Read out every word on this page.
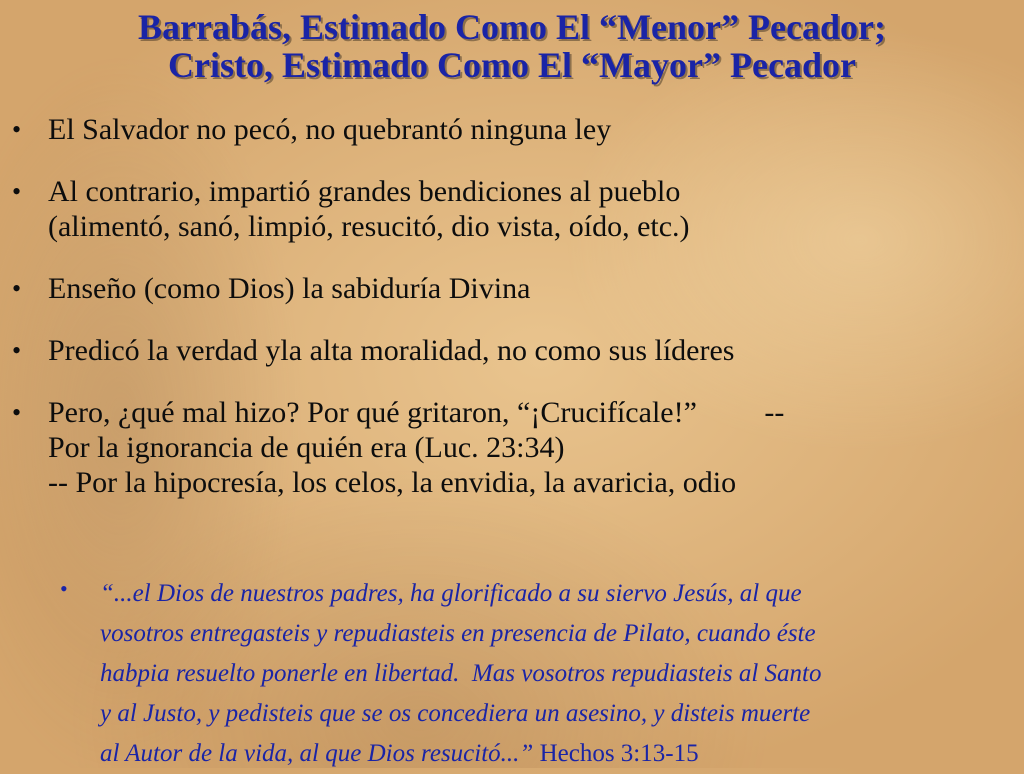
Barrabás, Estimado Como El “Menor” Pecador;
Cristo, Estimado Como El “Mayor” Pecador
• El Salvador no pecó, no quebrantó ninguna ley
• Al contrario, impartió grandes bendiciones al pueblo
(alimentó, sanó, limpió, resucitó, dio vista, oído, etc.)
• Enseño (como Dios) la sabiduría Divina
• Predicó la verdad yla alta moralidad, no como sus líderes
• Pero, ¿qué mal hizo? Por qué gritaron, “¡Crucifícale!”         --
Por la ignorancia de quién era (Luc. 23:34)
-- Por la hipocresía, los celos, la envidia, la avaricia, odio
• “...el Dios de nuestros padres, ha glorificado a su siervo Jesús, al que
vosotros entregasteis y repudiasteis en presencia de Pilato, cuando éste
habpia resuelto ponerle en libertad.  Mas vosotros repudiasteis al Santo
y al Justo, y pedisteis que se os concediera un asesino, y disteis muerte
al Autor de la vida, al que Dios resucitó...” Hechos 3:13-15
